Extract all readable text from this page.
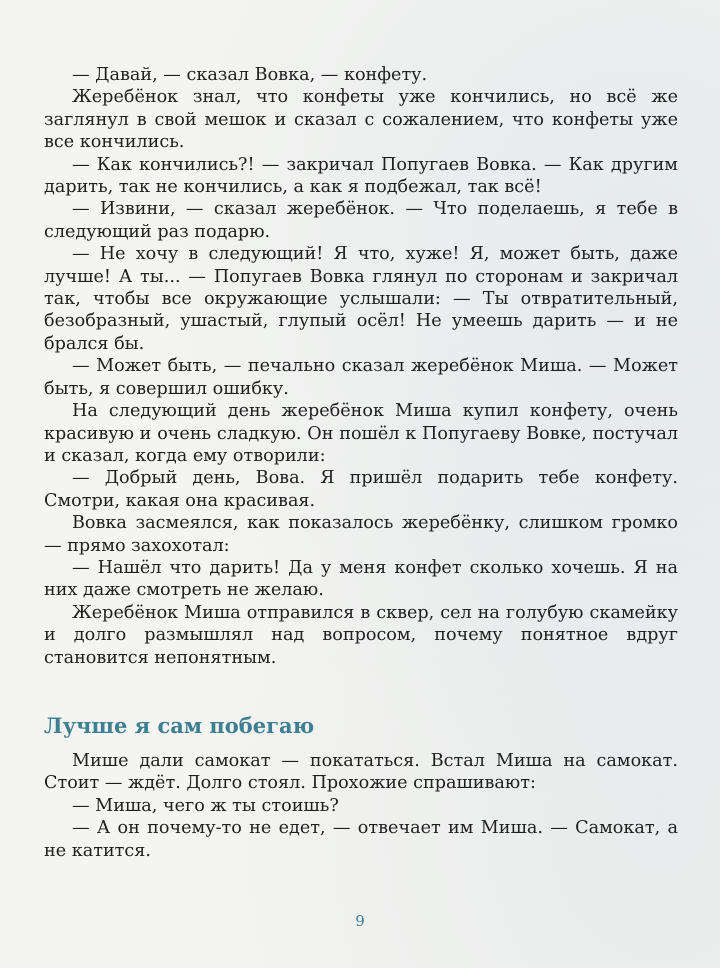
— Давай, — сказал Вовка, — конфету.

Жеребёнок знал, что конфеты уже кончились, но всё же заглянул в свой мешок и сказал с сожалением, что конфеты уже все кончились.

— Как кончились?! — закричал Попугаев Вовка. — Как другим дарить, так не кончились, а как я подбежал, так всё!

— Извини, — сказал жеребёнок. — Что поделаешь, я тебе в следующий раз подарю.

— Не хочу в следующий! Я что, хуже! Я, может быть, даже лучше! А ты... — Попугаев Вовка глянул по сторонам и закричал так, чтобы все окружающие услышали: — Ты отвратительный, безобразный, ушастый, глупый осёл! Не умеешь дарить — и не брался бы.

— Может быть, — печально сказал жеребёнок Миша. — Может быть, я совершил ошибку.

На следующий день жеребёнок Миша купил конфету, очень красивую и очень сладкую. Он пошёл к Попугаеву Вовке, постучал и сказал, когда ему отворили:

— Добрый день, Вова. Я пришёл подарить тебе конфету. Смотри, какая она красивая.

Вовка засмеялся, как показалось жеребёнку, слишком громко — прямо захохотал:

— Нашёл что дарить! Да у меня конфет сколько хочешь. Я на них даже смотреть не желаю.

Жеребёнок Миша отправился в сквер, сел на голубую скамейку и долго размышлял над вопросом, почему понятное вдруг становится непонятным.

Лучше я сам побегаю

Мише дали самокат — покататься. Встал Миша на самокат. Стоит — ждёт. Долго стоял. Прохожие спрашивают:

— Миша, чего ж ты стоишь?

— А он почему-то не едет, — отвечает им Миша. — Самокат, а не катится.

9
